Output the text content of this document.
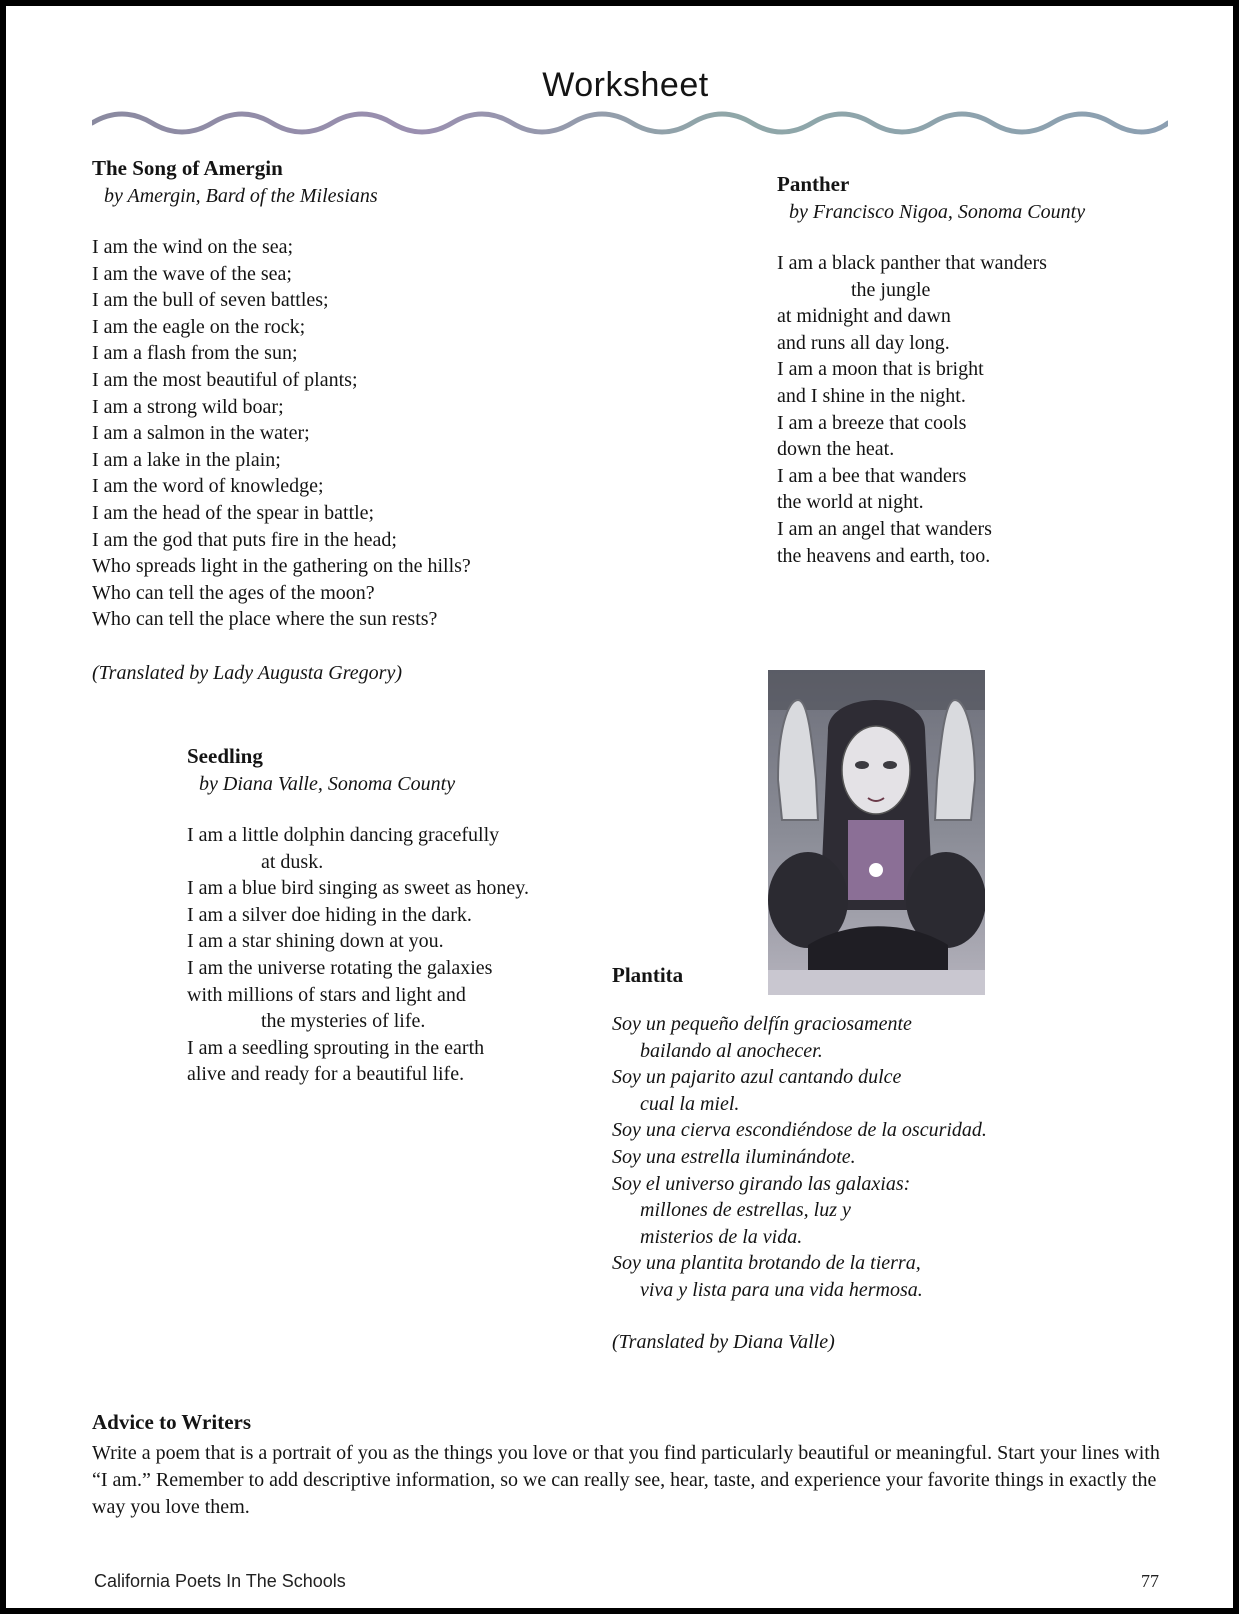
Worksheet
The Song of Amergin
by Amergin, Bard of the Milesians
I am the wind on the sea;
I am the wave of the sea;
I am the bull of seven battles;
I am the eagle on the rock;
I am a flash from the sun;
I am the most beautiful of plants;
I am a strong wild boar;
I am a salmon in the water;
I am a lake in the plain;
I am the word of knowledge;
I am the head of the spear in battle;
I am the god that puts fire in the head;
Who spreads light in the gathering on the hills?
Who can tell the ages of the moon?
Who can tell the place where the sun rests?
(Translated by Lady Augusta Gregory)
Panther
by Francisco Nigoa, Sonoma County
I am a black panther that wanders
the jungle
at midnight and dawn
and runs all day long.
I am a moon that is bright
and I shine in the night.
I am a breeze that cools
down the heat.
I am a bee that wanders
the world at night.
I am an angel that wanders
the heavens and earth, too.
Seedling
by Diana Valle, Sonoma County
I am a little dolphin dancing gracefully
at dusk.
I am a blue bird singing as sweet as honey.
I am a silver doe hiding in the dark.
I am a star shining down at you.
I am the universe rotating the galaxies
with millions of stars and light and
the mysteries of life.
I am a seedling sprouting in the earth
alive and ready for a beautiful life.
Plantita
Soy un pequeño delfín graciosamente
bailando al anochecer.
Soy un pajarito azul cantando dulce
cual la miel.
Soy una cierva escondiéndose de la oscuridad.
Soy una estrella iluminándote.
Soy el universo girando las galaxias:
millones de estrellas, luz y
misterios de la vida.
Soy una plantita brotando de la tierra,
viva y lista para una vida hermosa.
(Translated by Diana Valle)
Advice to Writers
Write a poem that is a portrait of you as the things you love or that you find particularly beautiful or meaningful. Start your lines with “I am.” Remember to add descriptive information, so we can really see, hear, taste, and experience your favorite things in exactly the way you love them.
California Poets In The Schools	77
